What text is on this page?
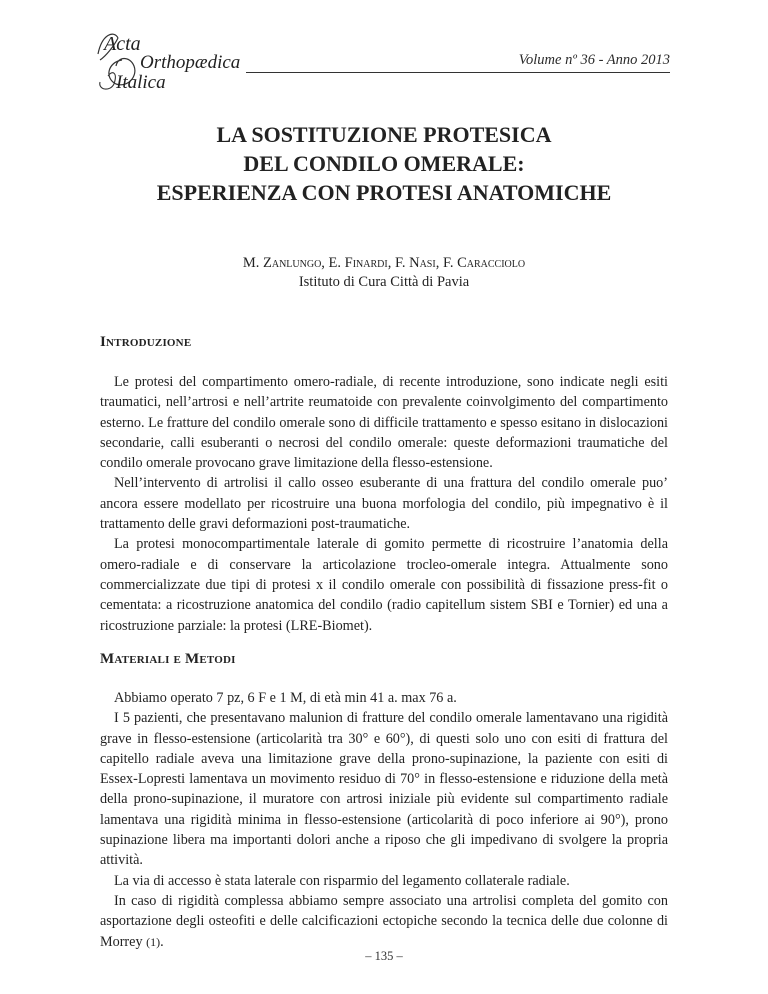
Acta
Orthopædica
Italica
Volume nº 36 - Anno 2013
LA SOSTITUZIONE PROTESICA
DEL CONDILO OMERALE:
ESPERIENZA CON PROTESI ANATOMICHE
M. Zanlungo, E. Finardi, F. Nasi, F. Caracciolo
Istituto di Cura Città di Pavia
Introduzione

Le protesi del compartimento omero-radiale, di recente introduzione, sono indicate negli esiti traumatici, nell’artrosi e nell’artrite reumatoide con prevalente coinvolgimento del compartimento esterno. Le fratture del condilo omerale sono di difficile trattamento e spesso esitano in dislocazioni secondarie, calli esuberanti o necrosi del condilo omerale: queste deformazioni traumatiche del condilo omerale provocano grave limitazione della flesso-estensione.

Nell’intervento di artrolisi il callo osseo esuberante di una frattura del condilo omerale puo’ ancora essere modellato per ricostruire una buona morfologia del condilo, più impegnativo è il trattamento delle gravi deformazioni post-traumatiche.

La protesi monocompartimentale laterale di gomito permette di ricostruire l’anatomia della omero-radiale e di conservare la articolazione trocleo-omerale integra. Attualmente sono commercializzate due tipi di protesi x il condilo omerale con possibilità di fissazione press-fit o cementata: a ricostruzione anatomica del condilo (radio capitellum sistem SBI e Tornier) ed una a ricostruzione parziale: la protesi (LRE-Biomet).

Materiali e Metodi

Abbiamo operato 7 pz, 6 F e 1 M, di età min 41 a. max 76 a.

I 5 pazienti, che presentavano malunion di fratture del condilo omerale lamentavano una rigidità grave in flesso-estensione (articolarità tra 30° e 60°), di questi solo uno con esiti di frattura del capitello radiale aveva una limitazione grave della prono-supinazione, la paziente con esiti di Essex-Lopresti lamentava un movimento residuo di 70° in flesso-estensione e riduzione della metà della prono-supinazione, il muratore con artrosi iniziale più evidente sul compartimento radiale lamentava una rigidità minima in flesso-estensione (articolarità di poco inferiore ai 90°), prono supinazione libera ma importanti dolori anche a riposo che gli impedivano di svolgere la propria attività.

La via di accesso è stata laterale con risparmio del legamento collaterale radiale.

In caso di rigidità complessa abbiamo sempre associato una artrolisi completa del gomito con asportazione degli osteofiti e delle calcificazioni ectopiche secondo la tecnica delle due colonne di Morrey (1).

– 135 –
